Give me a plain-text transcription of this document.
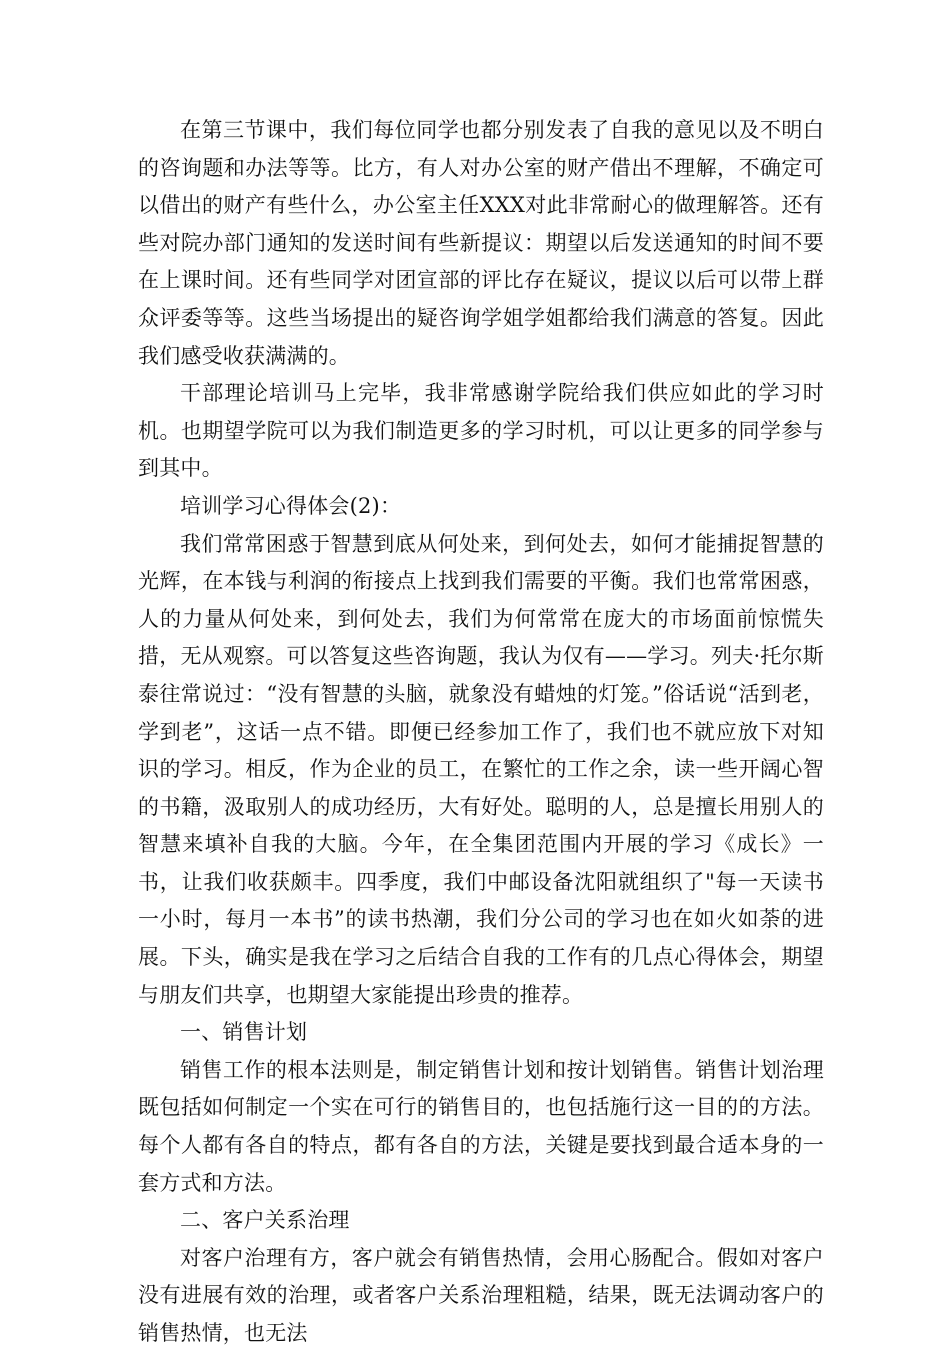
在第三节课中，我们每位同学也都分别发表了自我的意见以及不明白的咨询题和办法等等。比方，有人对办公室的财产借出不理解，不确定可以借出的财产有些什么，办公室主任XXX对此非常耐心的做理解答。还有些对院办部门通知的发送时间有些新提议：期望以后发送通知的时间不要在上课时间。还有些同学对团宣部的评比存在疑议，提议以后可以带上群众评委等等。这些当场提出的疑咨询学姐学姐都给我们满意的答复。因此我们感受收获满满的。

干部理论培训马上完毕，我非常感谢学院给我们供应如此的学习时机。也期望学院可以为我们制造更多的学习时机，可以让更多的同学参与到其中。

培训学习心得体会(2)：

我们常常困惑于智慧到底从何处来，到何处去，如何才能捕捉智慧的光辉，在本钱与利润的衔接点上找到我们需要的平衡。我们也常常困惑，人的力量从何处来，到何处去，我们为何常常在庞大的市场面前惊慌失措，无从观察。可以答复这些咨询题，我认为仅有——学习。列夫·托尔斯泰往常说过：“没有智慧的头脑，就象没有蜡烛的灯笼。”俗话说“活到老，学到老”，这话一点不错。即便已经参加工作了，我们也不就应放下对知识的学习。相反，作为企业的员工，在繁忙的工作之余，读一些开阔心智的书籍，汲取别人的成功经历，大有好处。聪明的人，总是擅长用别人的智慧来填补自我的大脑。今年，在全集团范围内开展的学习《成长》一书，让我们收获颇丰。四季度，我们中邮设备沈阳就组织了"每一天读书一小时，每月一本书”的读书热潮，我们分公司的学习也在如火如荼的进展。下头，确实是我在学习之后结合自我的工作有的几点心得体会，期望与朋友们共享，也期望大家能提出珍贵的推荐。

一、销售计划

销售工作的根本法则是，制定销售计划和按计划销售。销售计划治理既包括如何制定一个实在可行的销售目的，也包括施行这一目的的方法。每个人都有各自的特点，都有各自的方法，关键是要找到最合适本身的一套方式和方法。

二、客户关系治理

对客户治理有方，客户就会有销售热情，会用心肠配合。假如对客户没有进展有效的治理，或者客户关系治理粗糙，结果，既无法调动客户的销售热情，也无法
